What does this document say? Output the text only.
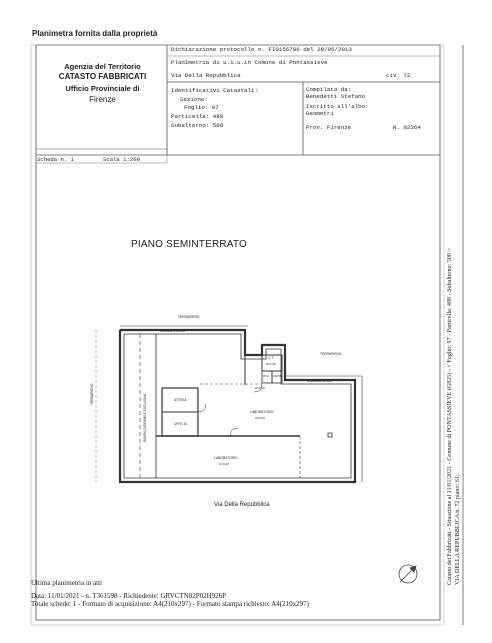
Planimetra fornita dalla proprietà
Agenzia del Territorio
CATASTO FABBRICATI
Ufficio Provinciale di
Firenze
Dichiarazione protocollo n. FI0156786 del 28/05/2013
Planimetria di u.i.u.in Comune di Pontassieve
Via Della Repubblica	civ. 72
Identificativi Catastali:
Sezione:
Foglio: 97
Particella: 488
Subalterno: 500
Compilata da:
Benedetti Stefano
Iscritto all'albo:
Geometri
Prov. Firenze	N. 02364
Scheda n. 1	Scala 1:200
PIANO SEMINTERRATO
TERRAPIENO
SCANNAFOSSO
TERRAPIENO
SCANNAFOSSO
TERRAPIENO	RAMPA CARRABILE ESCLUSIVA
C.T.
H=2.30
W.C. ANTIB.
H=2.30
ATTESA
UFFICIO
LABORATORIO
H=3.00
LABORATORIO
H=3.00
Via Della Repubblica
Ultima planimetria in atti
Data: 11/01/2021 - n. T361598 - Richiedente: GRVCTN82P02H926P
Totale schede: 1 - Formato di acquisizione: A4(210x297) - Formato stampa richiesto: A4(210x297)
Catasto dei Fabbricati - Situazione al 11/01/2021 - Comune di PONTASSIEVE (G825) - < Foglio: 97 - Particella: 488 - Subalterno: 500 > VIA DELLA REPUBBLICA n. 72 piano: S1;
